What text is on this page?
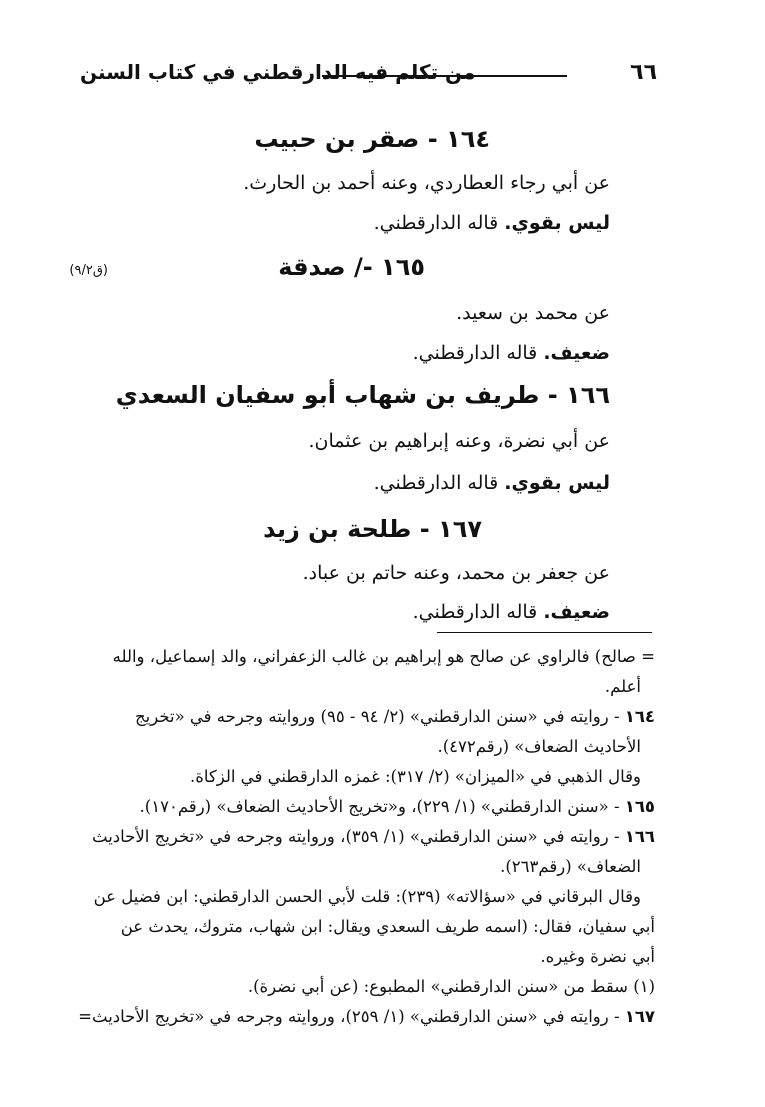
٦٦
من تكلم فيه الدارقطني في كتاب السنن
١٦٤ - صقر بن حبيب
عن أبي رجاء العطاردي، وعنه أحمد بن الحارث.
ليس بقوي. قاله الدارقطني.
(ق٩/٢)	١٦٥ -/ صدقة
عن محمد بن سعيد.
ضعيف. قاله الدارقطني.
١٦٦ - طريف بن شهاب أبو سفيان السعدي
عن أبي نضرة، وعنه إبراهيم بن عثمان.
ليس بقوي. قاله الدارقطني.
١٦٧ - طلحة بن زيد
عن جعفر بن محمد، وعنه حاتم بن عباد.
ضعيف. قاله الدارقطني.
= صالح) فالراوي عن صالح هو إبراهيم بن غالب الزعفراني، والد إسماعيل، والله
أعلم.
١٦٤ - روايته في «سنن الدارقطني» (٢/ ٩٤ - ٩٥) وروايته وجرحه في «تخريج
الأحاديث الضعاف» (رقم٤٧٢).
وقال الذهبي في «الميزان» (٢/ ٣١٧): غمزه الدارقطني في الزكاة.
١٦٥ - «سنن الدارقطني» (١/ ٢٢٩)، و«تخريج الأحاديث الضعاف» (رقم١٧٠).
١٦٦ - روايته في «سنن الدارقطني» (١/ ٣٥٩)، وروايته وجرحه في «تخريج الأحاديث
الضعاف» (رقم٢٦٣).
وقال البرقاني في «سؤالاته» (٢٣٩): قلت لأبي الحسن الدارقطني: ابن فضيل عن
أبي سفيان، فقال: (اسمه طريف السعدي ويقال: ابن شهاب، متروك، يحدث عن
أبي نضرة وغيره.
(١) سقط من «سنن الدارقطني» المطبوع: (عن أبي نضرة).
١٦٧ - روايته في «سنن الدارقطني» (١/ ٢٥٩)، وروايته وجرحه في «تخريج الأحاديث=
